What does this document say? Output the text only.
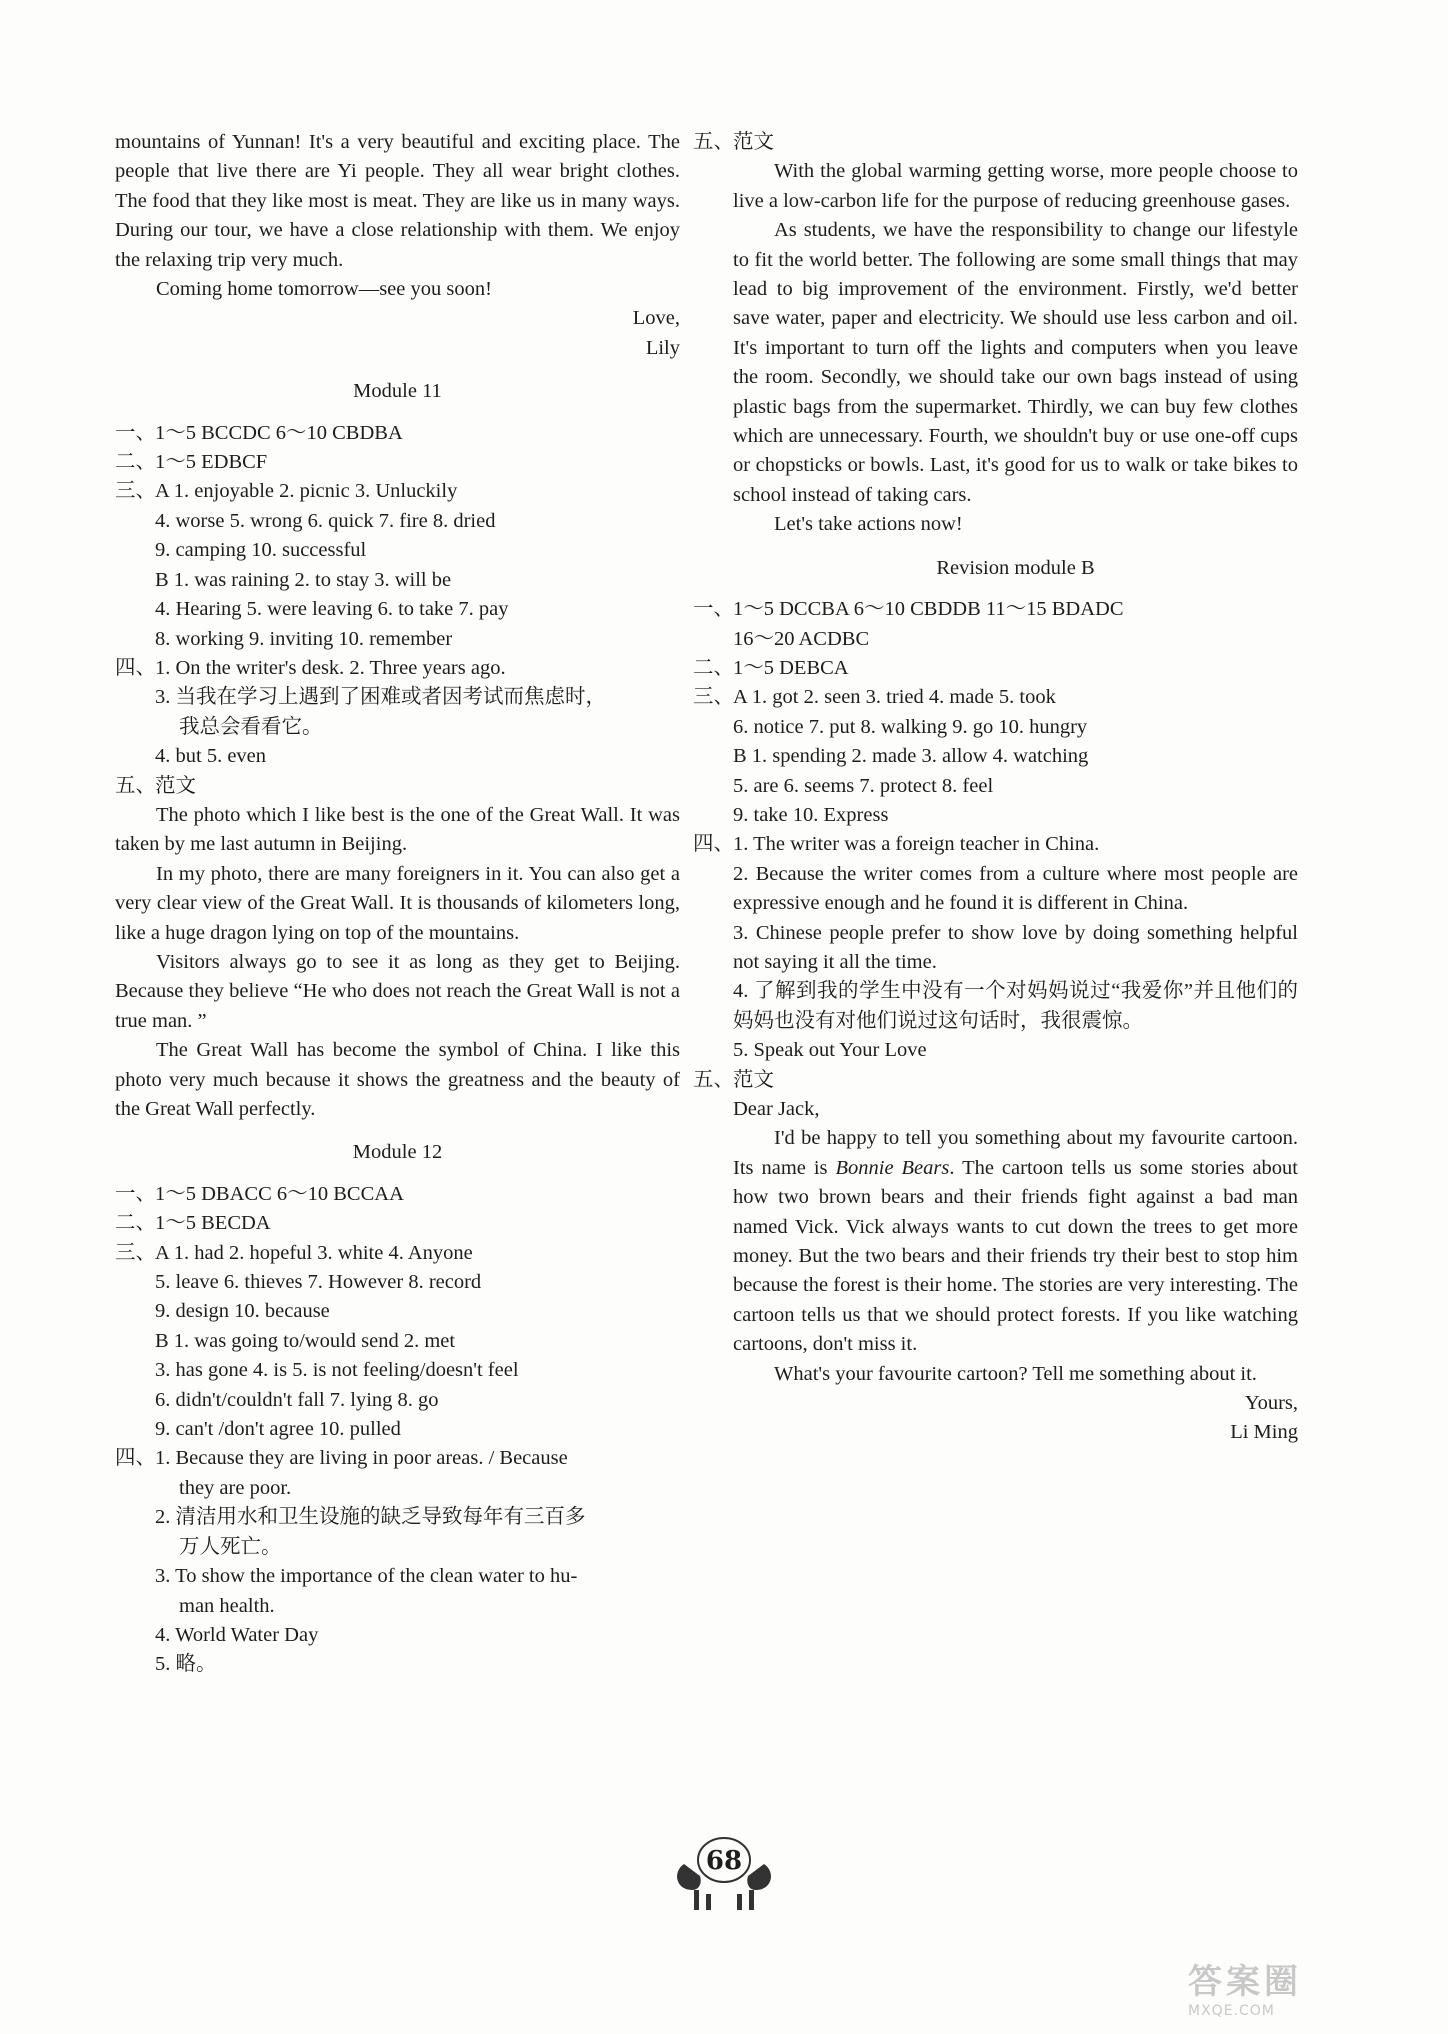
mountains of Yunnan! It's a very beautiful and exciting place. The people that live there are Yi people. They all wear bright clothes. The food that they like most is meat. They are like us in many ways. During our tour, we have a close relationship with them. We enjoy the relaxing trip very much.

Coming home tomorrow—see you soon!

Love,

Lily

Module 11

一、 1～5 BCCDC 6～10 CBDBA
二、 1～5 EDBCF
三、 A 1. enjoyable 2. picnic 3. Unluckily

4. worse 5. wrong 6. quick 7. fire 8. dried

9. camping 10. successful

B 1. was raining 2. to stay 3. will be

4. Hearing 5. were leaving 6. to take 7. pay

8. working 9. inviting 10. remember

四、 1. On the writer's desk. 2. Three years ago.

3. 当我在学习上遇到了困难或者因考试而焦虑时，

我总会看看它。

4. but 5. even

五、 范文

The photo which I like best is the one of the Great Wall. It was taken by me last autumn in Beijing.

In my photo, there are many foreigners in it. You can also get a very clear view of the Great Wall. It is thousands of kilometers long, like a huge dragon lying on top of the mountains.

Visitors always go to see it as long as they get to Beijing. Because they believe “He who does not reach the Great Wall is not a true man. ”

The Great Wall has become the symbol of China. I like this photo very much because it shows the greatness and the beauty of the Great Wall perfectly.

Module 12

一、 1～5 DBACC 6～10 BCCAA
二、 1～5 BECDA
三、 A 1. had 2. hopeful 3. white 4. Anyone

5. leave 6. thieves 7. However 8. record

9. design 10. because

B 1. was going to/would send 2. met

3. has gone 4. is 5. is not feeling/doesn't feel

6. didn't/couldn't fall 7. lying 8. go

9. can't /don't agree 10. pulled

四、 1. Because they are living in poor areas. / Because

they are poor.

2. 清洁用水和卫生设施的缺乏导致每年有三百多

万人死亡。

3. To show the importance of the clean water to hu-

man health.

4. World Water Day

5. 略。

五、 范文

With the global warming getting worse, more people choose to live a low-carbon life for the purpose of reducing greenhouse gases.

As students, we have the responsibility to change our lifestyle to fit the world better. The following are some small things that may lead to big improvement of the environment. Firstly, we'd better save water, paper and electricity. We should use less carbon and oil. It's important to turn off the lights and computers when you leave the room. Secondly, we should take our own bags instead of using plastic bags from the supermarket. Thirdly, we can buy few clothes which are unnecessary. Fourth, we shouldn't buy or use one-off cups or chopsticks or bowls. Last, it's good for us to walk or take bikes to school instead of taking cars.

Let's take actions now!

Revision module B

一、 1～5 DCCBA 6～10 CBDDB 11～15 BDADC

16～20 ACDBC

二、 1～5 DEBCA
三、 A 1. got 2. seen 3. tried 4. made 5. took

6. notice 7. put 8. walking 9. go 10. hungry

B 1. spending 2. made 3. allow 4. watching

5. are 6. seems 7. protect 8. feel

9. take 10. Express

四、 1. The writer was a foreign teacher in China.

2. Because the writer comes from a culture where most people are expressive enough and he found it is different in China.

3. Chinese people prefer to show love by doing something helpful not saying it all the time.

4. 了解到我的学生中没有一个对妈妈说过“我爱你”并且他们的妈妈也没有对他们说过这句话时，我很震惊。

5. Speak out Your Love

五、 范文

Dear Jack,

I'd be happy to tell you something about my favourite cartoon. Its name is Bonnie Bears. The cartoon tells us some stories about how two brown bears and their friends fight against a bad man named Vick. Vick always wants to cut down the trees to get more money. But the two bears and their friends try their best to stop him because the forest is their home. The stories are very interesting. The cartoon tells us that we should protect forests. If you like watching cartoons, don't miss it.

What's your favourite cartoon? Tell me something about it.

Yours,

Li Ming

68
答案圈
MXQE.COM
